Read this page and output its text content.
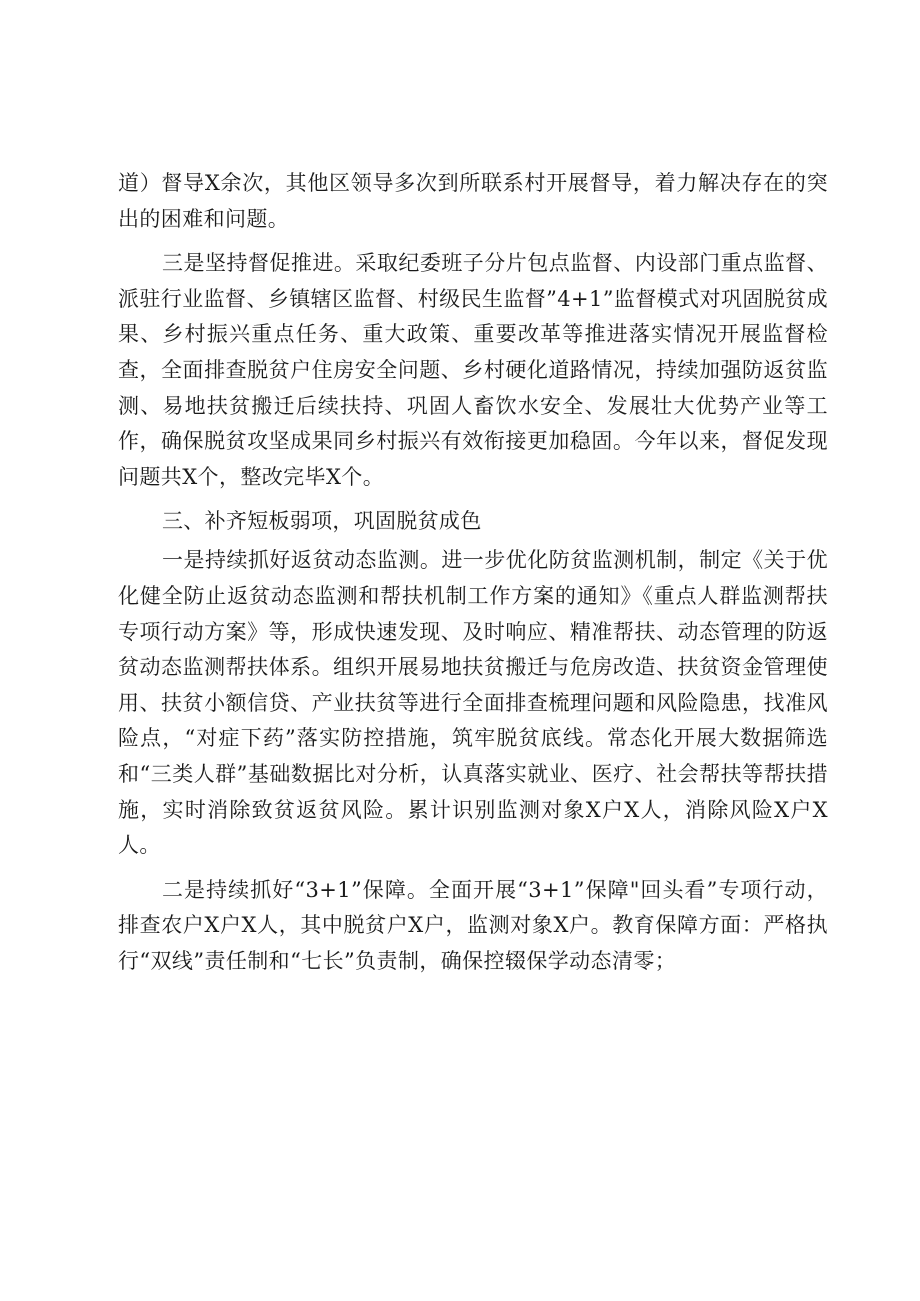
道）督导X余次，其他区领导多次到所联系村开展督导，着力解决存在的突出的困难和问题。

三是坚持督促推进。采取纪委班子分片包点监督、内设部门重点监督、派驻行业监督、乡镇辖区监督、村级民生监督”4+1”监督模式对巩固脱贫成果、乡村振兴重点任务、重大政策、重要改革等推进落实情况开展监督检查，全面排查脱贫户住房安全问题、乡村硬化道路情况，持续加强防返贫监测、易地扶贫搬迁后续扶持、巩固人畜饮水安全、发展壮大优势产业等工作，确保脱贫攻坚成果同乡村振兴有效衔接更加稳固。今年以来，督促发现问题共X个，整改完毕X个。

三、补齐短板弱项，巩固脱贫成色

一是持续抓好返贫动态监测。进一步优化防贫监测机制，制定《关于优化健全防止返贫动态监测和帮扶机制工作方案的通知》《重点人群监测帮扶专项行动方案》等，形成快速发现、及时响应、精准帮扶、动态管理的防返贫动态监测帮扶体系。组织开展易地扶贫搬迁与危房改造、扶贫资金管理使用、扶贫小额信贷、产业扶贫等进行全面排查梳理问题和风险隐患，找准风险点，“对症下药”落实防控措施，筑牢脱贫底线。常态化开展大数据筛选和“三类人群”基础数据比对分析，认真落实就业、医疗、社会帮扶等帮扶措施，实时消除致贫返贫风险。累计识别监测对象X户X人，消除风险X户X人。

二是持续抓好“3+1”保障。全面开展“3+1”保障"回头看”专项行动，排查农户X户X人，其中脱贫户X户，监测对象X户。教育保障方面：严格执行“双线”责任制和“七长”负责制，确保控辍保学动态清零；
